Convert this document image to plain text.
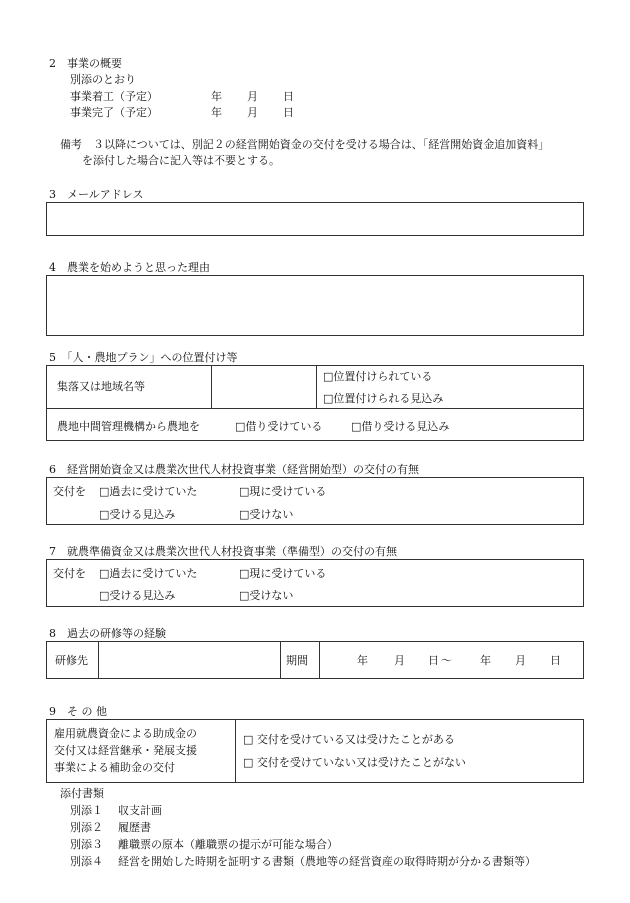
2　事業の概要
別添のとおり
事業着工（予定）	年 月 日
事業完了（予定）	年 月 日
備考　３以降については、別記２の経営開始資金の交付を受ける場合は、「経営開始資金追加資料」
を添付した場合に記入等は不要とする。
3　メールアドレス
4　農業を始めようと思った理由
5　「人・農地プラン」への位置付け等
集落又は地域名等
□位置付けられている
□位置付けられる見込み
農地中間管理機構から農地を	□借り受けている	□借り受ける見込み
6　経営開始資金又は農業次世代人材投資事業（経営開始型）の交付の有無
交付を □過去に受けていた	□現に受けている
□受ける見込み	□受けない
7　就農準備資金又は農業次世代人材投資事業（準備型）の交付の有無
交付を □過去に受けていた	□現に受けている
□受ける見込み	□受けない
8　過去の研修等の経験
研修先	期間	年 月 日 〜	年 月 日
9　そ の 他
雇用就農資金による助成金の
交付又は経営継承・発展支援
事業による補助金の交付
□ 交付を受けている又は受けたことがある
□ 交付を受けていない又は受けたことがない
添付書類
別添１ 収支計画
別添２ 履歴書
別添３ 離職票の原本（離職票の提示が可能な場合）
別添４ 経営を開始した時期を証明する書類（農地等の経営資産の取得時期が分かる書類等）
